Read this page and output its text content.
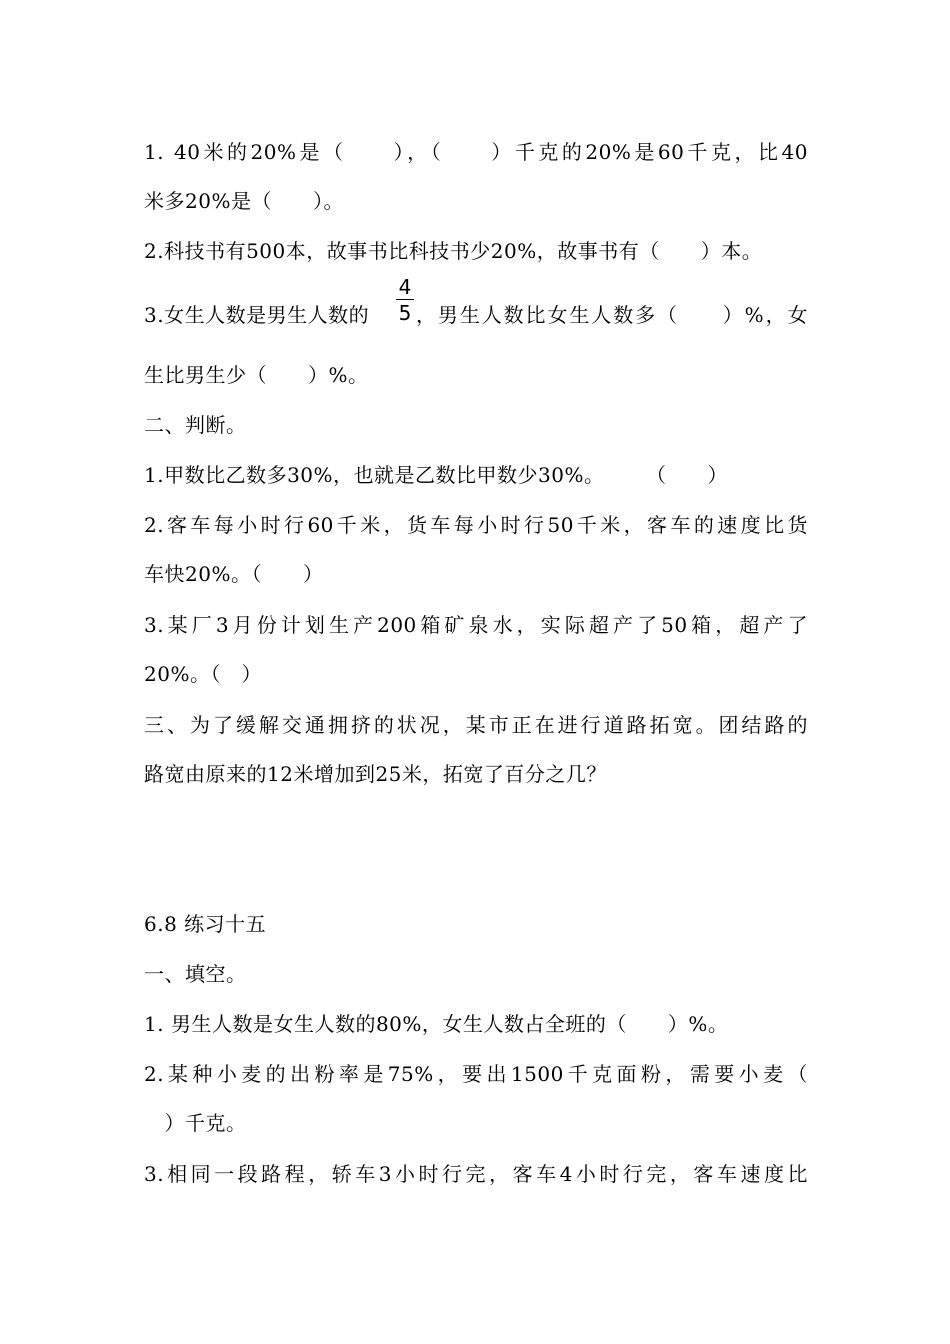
1. 40米的20%是（　　），（　　）千克的20%是60千克，比40
米多20%是（　　）。
2.科技书有500本，故事书比科技书少20%，故事书有（　　）本。
3.女生人数是男生人数的
4
5 ，男生人数比女生人数多（　　）%，女
生比男生少（　　）%。
二、判断。
1.甲数比乙数多30%，也就是乙数比甲数少30%。　　　（　　）
2.客车每小时行60千米，货车每小时行50千米，客车的速度比货
车快20%。（　　）
3.某厂3月份计划生产200箱矿泉水，实际超产了50箱，超产了
20%。（　）
三、为了缓解交通拥挤的状况，某市正在进行道路拓宽。团结路的
路宽由原来的12米增加到25米，拓宽了百分之几？
6.8 练习十五
一、填空。
1. 男生人数是女生人数的80%，女生人数占全班的（　　）%。
2.某种小麦的出粉率是75%，要出1500千克面粉，需要小麦（
　）千克。
3.相同一段路程，轿车3小时行完，客车4小时行完，客车速度比
